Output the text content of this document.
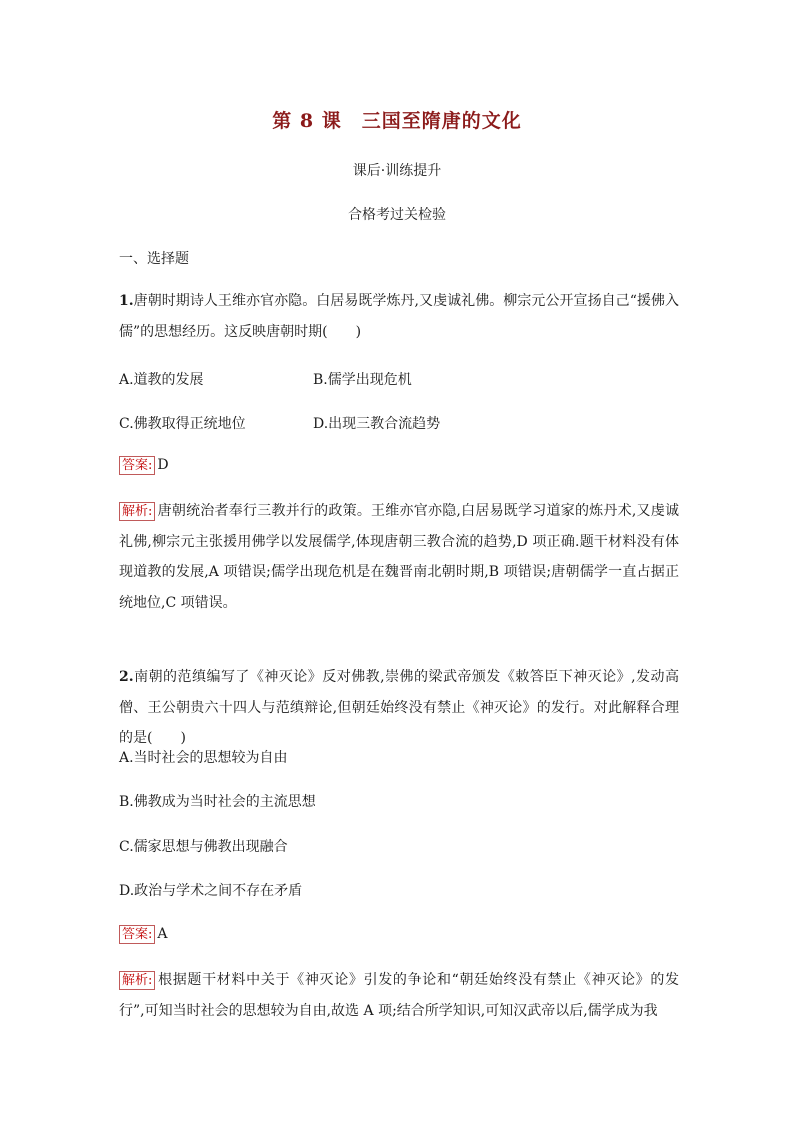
第 8 课　三国至隋唐的文化

课后·训练提升

合格考过关检验

一、选择题

1.唐朝时期诗人王维亦官亦隐。白居易既学炼丹,又虔诚礼佛。柳宗元公开宣扬自己“援佛入儒”的思想经历。这反映唐朝时期(　　)

A.道教的发展	B.儒学出现危机

C.佛教取得正统地位	D.出现三教合流趋势

答案: D

解析: 唐朝统治者奉行三教并行的政策。王维亦官亦隐,白居易既学习道家的炼丹术,又虔诚礼佛,柳宗元主张援用佛学以发展儒学,体现唐朝三教合流的趋势,D 项正确.题干材料没有体现道教的发展,A 项错误;儒学出现危机是在魏晋南北朝时期,B 项错误;唐朝儒学一直占据正统地位,C 项错误。

2.南朝的范缜编写了《神灭论》反对佛教,崇佛的梁武帝颁发《敕答臣下神灭论》,发动高僧、王公朝贵六十四人与范缜辩论,但朝廷始终没有禁止《神灭论》的发行。对此解释合理的是(　　)

A.当时社会的思想较为自由

B.佛教成为当时社会的主流思想

C.儒家思想与佛教出现融合

D.政治与学术之间不存在矛盾

答案: A

解析: 根据题干材料中关于《神灭论》引发的争论和“朝廷始终没有禁止《神灭论》的发行”,可知当时社会的思想较为自由,故选 A 项;结合所学知识,可知汉武帝以后,儒学成为我
